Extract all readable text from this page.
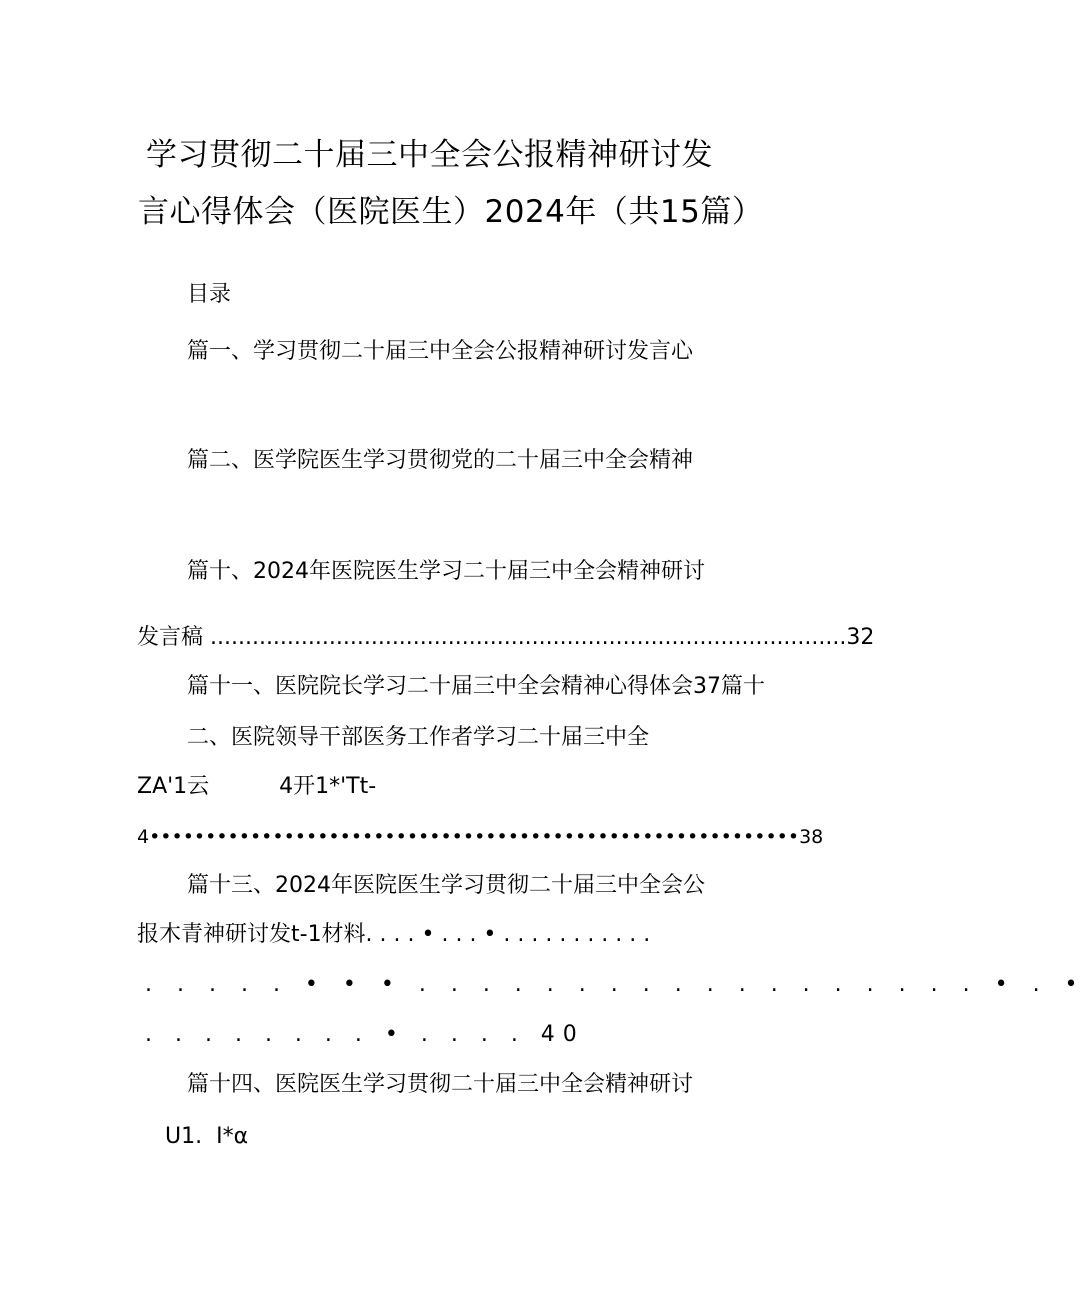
学习贯彻二十届三中全会公报精神研讨发
言心得体会（医院医生）2024年（共15篇）
目录
篇一、学习贯彻二十届三中全会公报精神研讨发言心
篇二、医学院医生学习贯彻党的二十届三中全会精神
篇十、2024年医院医生学习二十届三中全会精神研讨
发言稿 ...........................................................................................32
篇十一、医院院长学习二十届三中全会精神心得体会37篇十
二、医院领导干部医务工作者学习二十届三中全
ZA'1云          4开1*'Tt-
4••••••••••••••••••••••••••••••••••••••••••••••••••••••••••38
篇十三、2024年医院医生学习贯彻二十届三中全会公
报木青神研讨发t-1材料. . . . • . . . • . . . . . . . . . . .
. . . . . • • • . . . . . . . . . . . . . . . . . . • . •
. . . . . . . . • . . . . 40
篇十四、医院医生学习贯彻二十届三中全会精神研讨
U1.  I*α
